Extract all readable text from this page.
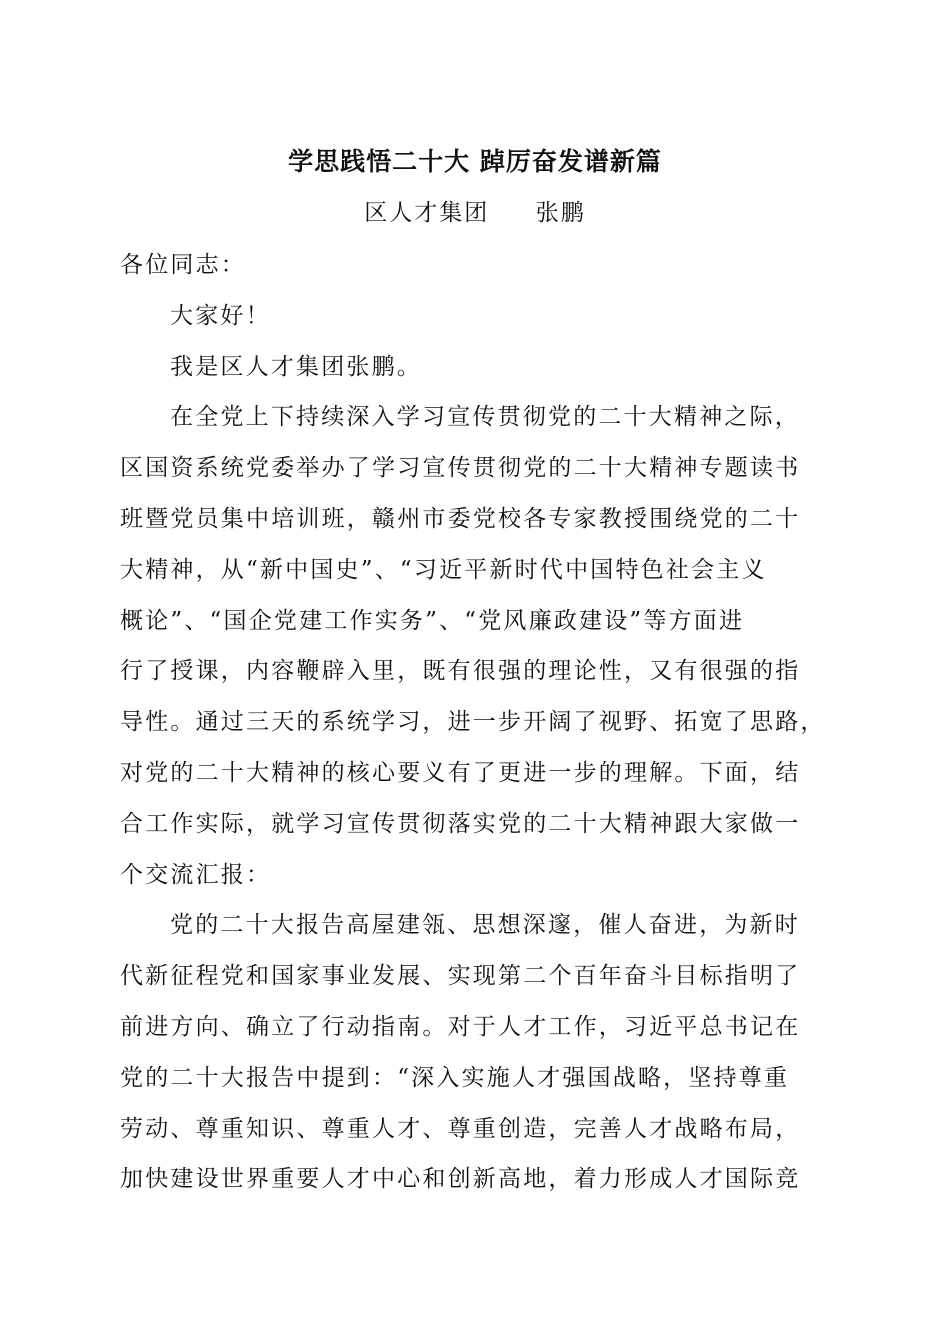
学思践悟二十大 踔厉奋发谱新篇
区人才集团     张鹏

各位同志：

大家好！

我是区人才集团张鹏。

在全党上下持续深入学习宣传贯彻党的二十大精神之际，
区国资系统党委举办了学习宣传贯彻党的二十大精神专题读书
班暨党员集中培训班，赣州市委党校各专家教授围绕党的二十
大精神，从“新中国史”、“习近平新时代中国特色社会主义
概论”、“国企党建工作实务”、“党风廉政建设”等方面进
行了授课，内容鞭辟入里，既有很强的理论性，又有很强的指
导性。通过三天的系统学习，进一步开阔了视野、拓宽了思路，
对党的二十大精神的核心要义有了更进一步的理解。下面，结
合工作实际，就学习宣传贯彻落实党的二十大精神跟大家做一
个交流汇报：

党的二十大报告高屋建瓴、思想深邃，催人奋进，为新时
代新征程党和国家事业发展、实现第二个百年奋斗目标指明了
前进方向、确立了行动指南。对于人才工作，习近平总书记在
党的二十大报告中提到：“深入实施人才强国战略，坚持尊重
劳动、尊重知识、尊重人才、尊重创造，完善人才战略布局，
加快建设世界重要人才中心和创新高地，着力形成人才国际竞
